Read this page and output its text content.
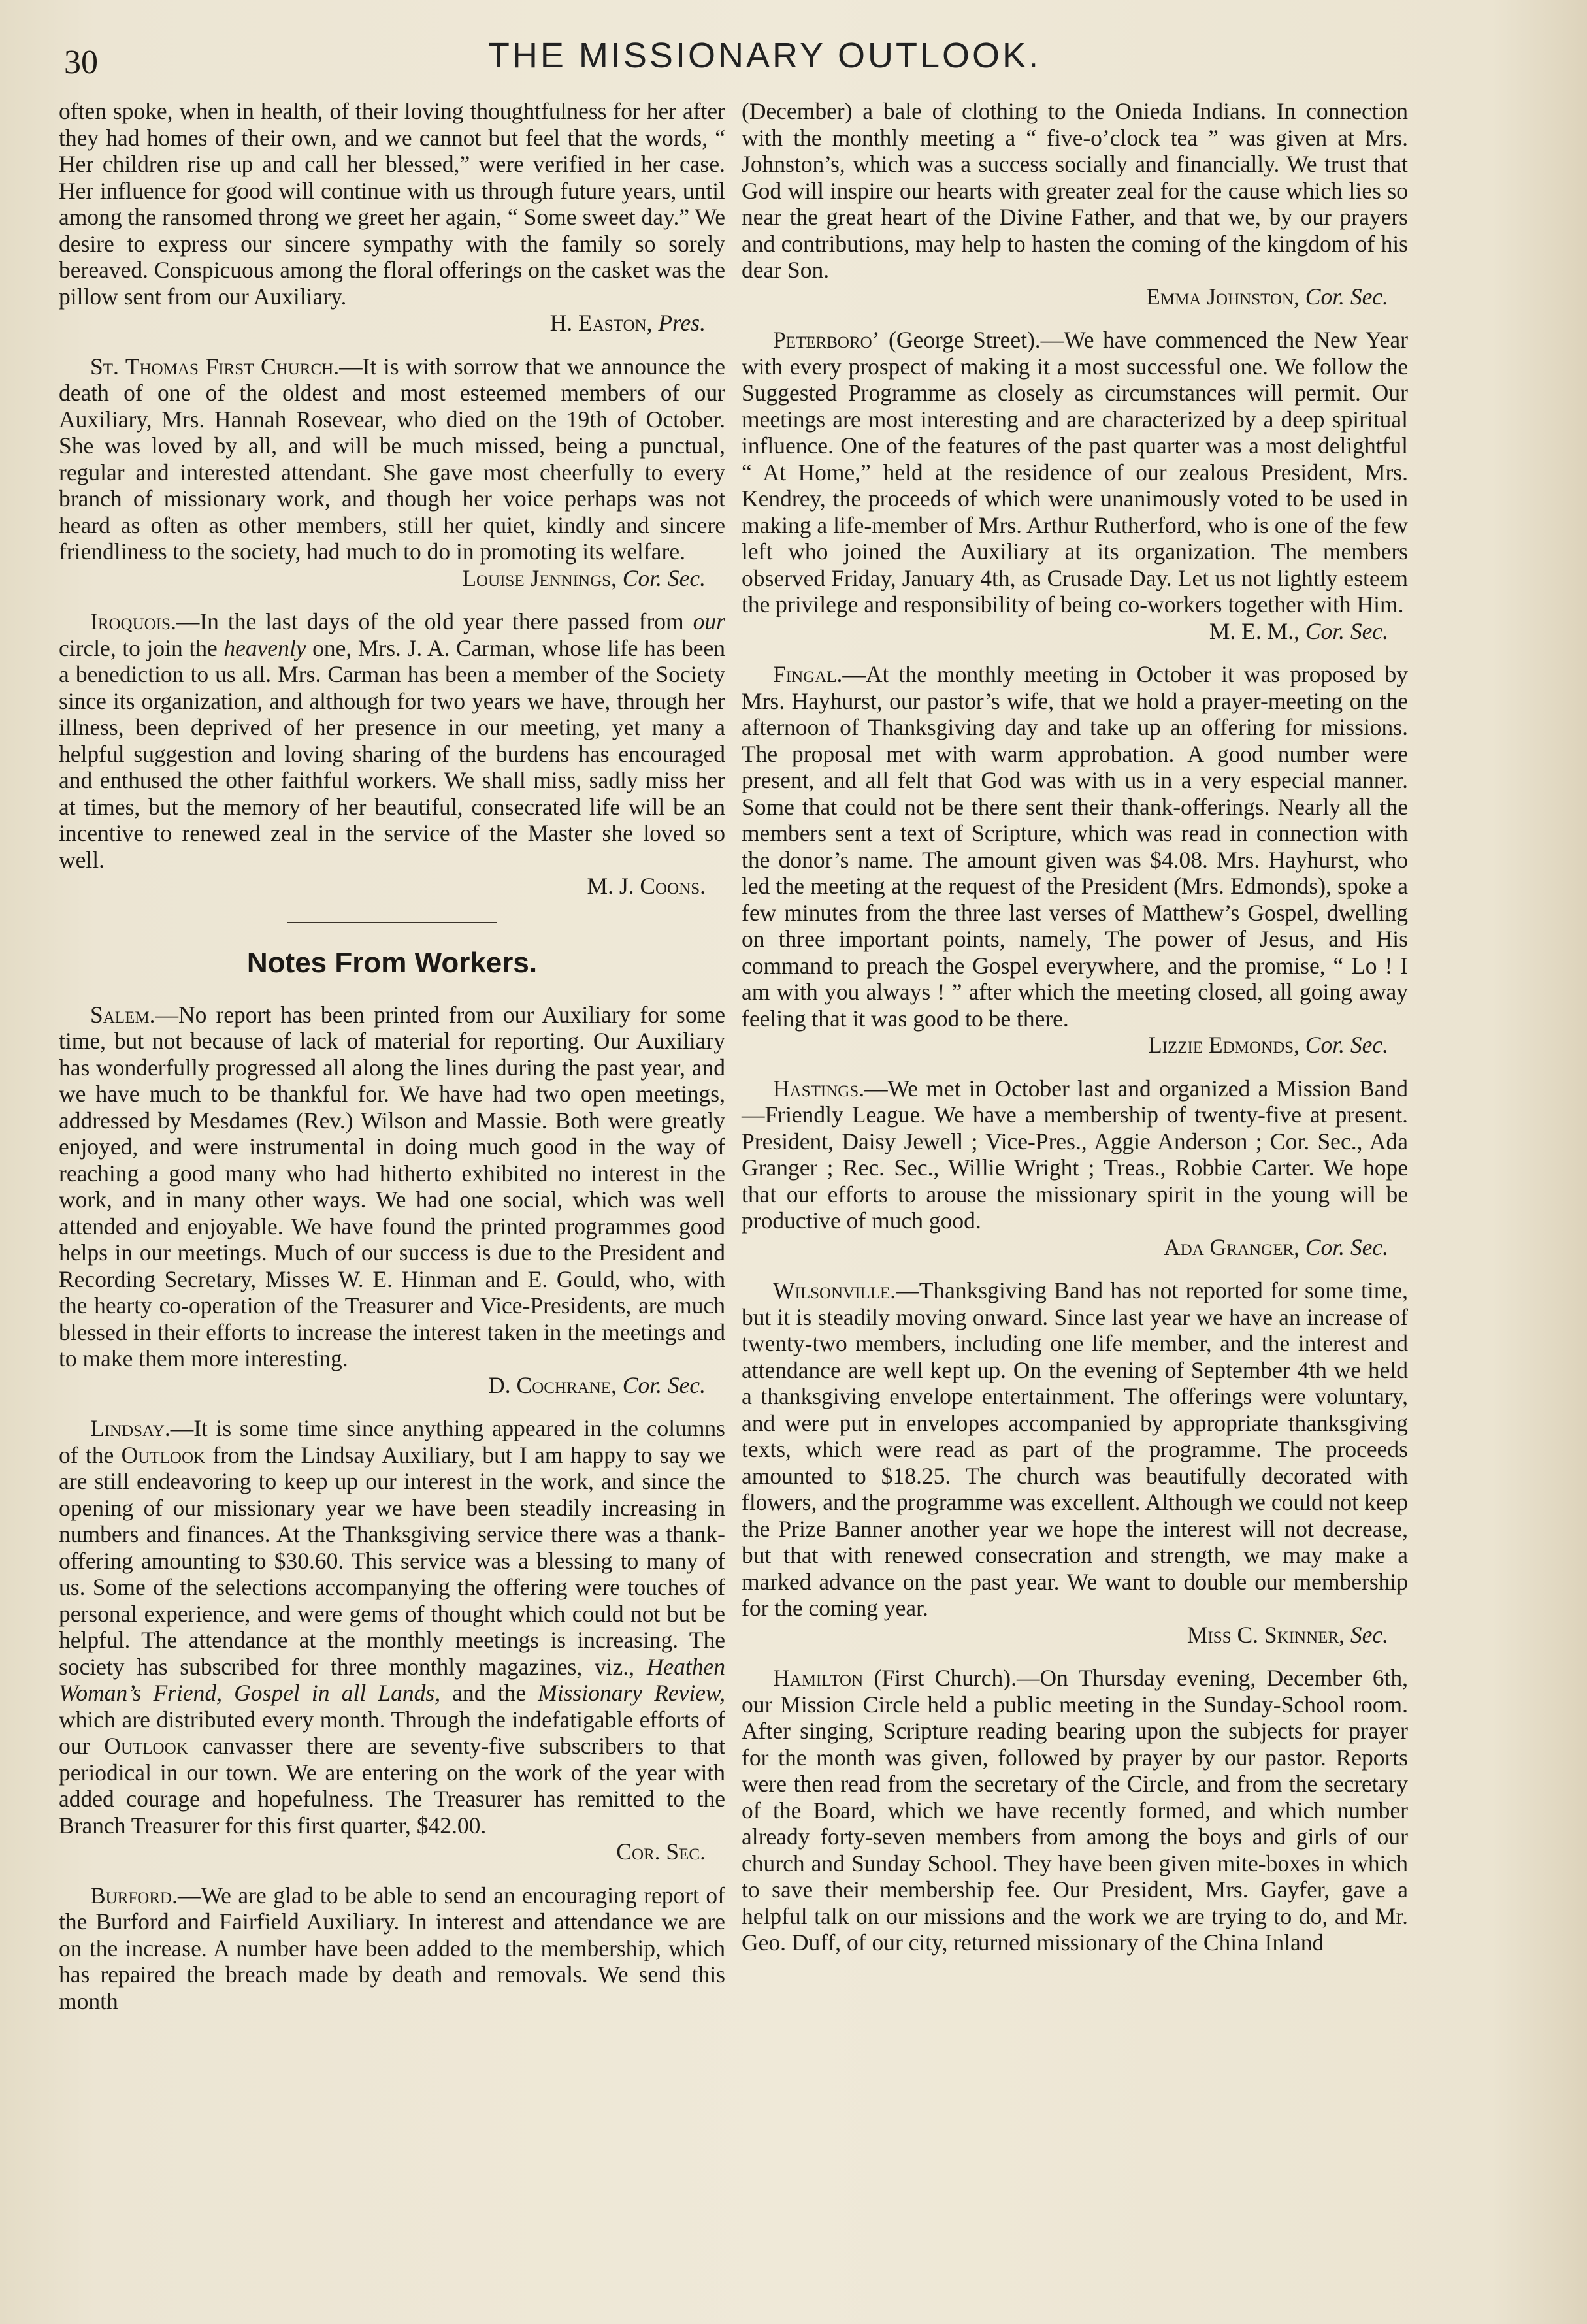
30	THE MISSIONARY OUTLOOK.

often spoke, when in health, of their loving thoughtfulness for her after they had homes of their own, and we cannot but feel that the words, “ Her children rise up and call her blessed,” were verified in her case. Her influence for good will continue with us through future years, until among the ransomed throng we greet her again, “ Some sweet day.” We desire to express our sincere sympathy with the family so sorely bereaved. Conspicuous among the floral offerings on the casket was the pillow sent from our Auxiliary.

H. Easton, Pres.

St. Thomas First Church.—It is with sorrow that we announce the death of one of the oldest and most esteemed members of our Auxiliary, Mrs. Hannah Rosevear, who died on the 19th of October. She was loved by all, and will be much missed, being a punctual, regular and interested attendant. She gave most cheerfully to every branch of missionary work, and though her voice perhaps was not heard as often as other members, still her quiet, kindly and sincere friendliness to the society, had much to do in promoting its welfare.

Louise Jennings, Cor. Sec.

Iroquois.—In the last days of the old year there passed from our circle, to join the heavenly one, Mrs. J. A. Carman, whose life has been a benediction to us all. Mrs. Carman has been a member of the Society since its organization, and although for two years we have, through her illness, been deprived of her presence in our meeting, yet many a helpful suggestion and loving sharing of the burdens has encouraged and enthused the other faithful workers. We shall miss, sadly miss her at times, but the memory of her beautiful, consecrated life will be an incentive to renewed zeal in the service of the Master she loved so well.

M. J. Coons.
Notes From Workers.

Salem.—No report has been printed from our Auxiliary for some time, but not because of lack of material for reporting. Our Auxiliary has wonderfully progressed all along the lines during the past year, and we have much to be thankful for. We have had two open meetings, addressed by Mesdames (Rev.) Wilson and Massie. Both were greatly enjoyed, and were instrumental in doing much good in the way of reaching a good many who had hitherto exhibited no interest in the work, and in many other ways. We had one social, which was well attended and enjoyable. We have found the printed programmes good helps in our meetings. Much of our success is due to the President and Recording Secretary, Misses W. E. Hinman and E. Gould, who, with the hearty co-operation of the Treasurer and Vice-Presidents, are much blessed in their efforts to increase the interest taken in the meetings and to make them more interesting.

D. Cochrane, Cor. Sec.

Lindsay.—It is some time since anything appeared in the columns of the Outlook from the Lindsay Auxiliary, but I am happy to say we are still endeavoring to keep up our interest in the work, and since the opening of our missionary year we have been steadily increasing in numbers and finances. At the Thanksgiving service there was a thank-offering amounting to $30.60. This service was a blessing to many of us. Some of the selections accompanying the offering were touches of personal experience, and were gems of thought which could not but be helpful. The attendance at the monthly meetings is increasing. The society has subscribed for three monthly magazines, viz., Heathen Woman’s Friend, Gospel in all Lands, and the Missionary Review, which are distributed every month. Through the indefatigable efforts of our Outlook canvasser there are seventy-five subscribers to that periodical in our town. We are entering on the work of the year with added courage and hopefulness. The Treasurer has remitted to the Branch Treasurer for this first quarter, $42.00.

Cor. Sec.

Burford.—We are glad to be able to send an encouraging report of the Burford and Fairfield Auxiliary. In interest and attendance we are on the increase. A number have been added to the membership, which has repaired the breach made by death and removals. We send this month

(December) a bale of clothing to the Onieda Indians. In connection with the monthly meeting a “ five-o’clock tea ” was given at Mrs. Johnston’s, which was a success socially and financially. We trust that God will inspire our hearts with greater zeal for the cause which lies so near the great heart of the Divine Father, and that we, by our prayers and contributions, may help to hasten the coming of the kingdom of his dear Son.

Emma Johnston, Cor. Sec.

Peterboro’ (George Street).—We have commenced the New Year with every prospect of making it a most successful one. We follow the Suggested Programme as closely as circumstances will permit. Our meetings are most interesting and are characterized by a deep spiritual influence. One of the features of the past quarter was a most delightful “ At Home,” held at the residence of our zealous President, Mrs. Kendrey, the proceeds of which were unanimously voted to be used in making a life-member of Mrs. Arthur Rutherford, who is one of the few left who joined the Auxiliary at its organization. The members observed Friday, January 4th, as Crusade Day. Let us not lightly esteem the privilege and responsibility of being co-workers together with Him.

M. E. M., Cor. Sec.

Fingal.—At the monthly meeting in October it was proposed by Mrs. Hayhurst, our pastor’s wife, that we hold a prayer-meeting on the afternoon of Thanksgiving day and take up an offering for missions. The proposal met with warm approbation. A good number were present, and all felt that God was with us in a very especial manner. Some that could not be there sent their thank-offerings. Nearly all the members sent a text of Scripture, which was read in connection with the donor’s name. The amount given was $4.08. Mrs. Hayhurst, who led the meeting at the request of the President (Mrs. Edmonds), spoke a few minutes from the three last verses of Matthew’s Gospel, dwelling on three important points, namely, The power of Jesus, and His command to preach the Gospel everywhere, and the promise, “ Lo ! I am with you always ! ” after which the meeting closed, all going away feeling that it was good to be there.

Lizzie Edmonds, Cor. Sec.

Hastings.—We met in October last and organized a Mission Band—Friendly League. We have a membership of twenty-five at present. President, Daisy Jewell ; Vice-Pres., Aggie Anderson ; Cor. Sec., Ada Granger ; Rec. Sec., Willie Wright ; Treas., Robbie Carter. We hope that our efforts to arouse the missionary spirit in the young will be productive of much good.

Ada Granger, Cor. Sec.

Wilsonville.—Thanksgiving Band has not reported for some time, but it is steadily moving onward. Since last year we have an increase of twenty-two members, including one life member, and the interest and attendance are well kept up. On the evening of September 4th we held a thanksgiving envelope entertainment. The offerings were voluntary, and were put in envelopes accompanied by appropriate thanksgiving texts, which were read as part of the programme. The proceeds amounted to $18.25. The church was beautifully decorated with flowers, and the programme was excellent. Although we could not keep the Prize Banner another year we hope the interest will not decrease, but that with renewed consecration and strength, we may make a marked advance on the past year. We want to double our membership for the coming year.

Miss C. Skinner, Sec.

Hamilton (First Church).—On Thursday evening, December 6th, our Mission Circle held a public meeting in the Sunday-School room. After singing, Scripture reading bearing upon the subjects for prayer for the month was given, followed by prayer by our pastor. Reports were then read from the secretary of the Circle, and from the secretary of the Board, which we have recently formed, and which number already forty-seven members from among the boys and girls of our church and Sunday School. They have been given mite-boxes in which to save their membership fee. Our President, Mrs. Gayfer, gave a helpful talk on our missions and the work we are trying to do, and Mr. Geo. Duff, of our city, returned missionary of the China Inland
